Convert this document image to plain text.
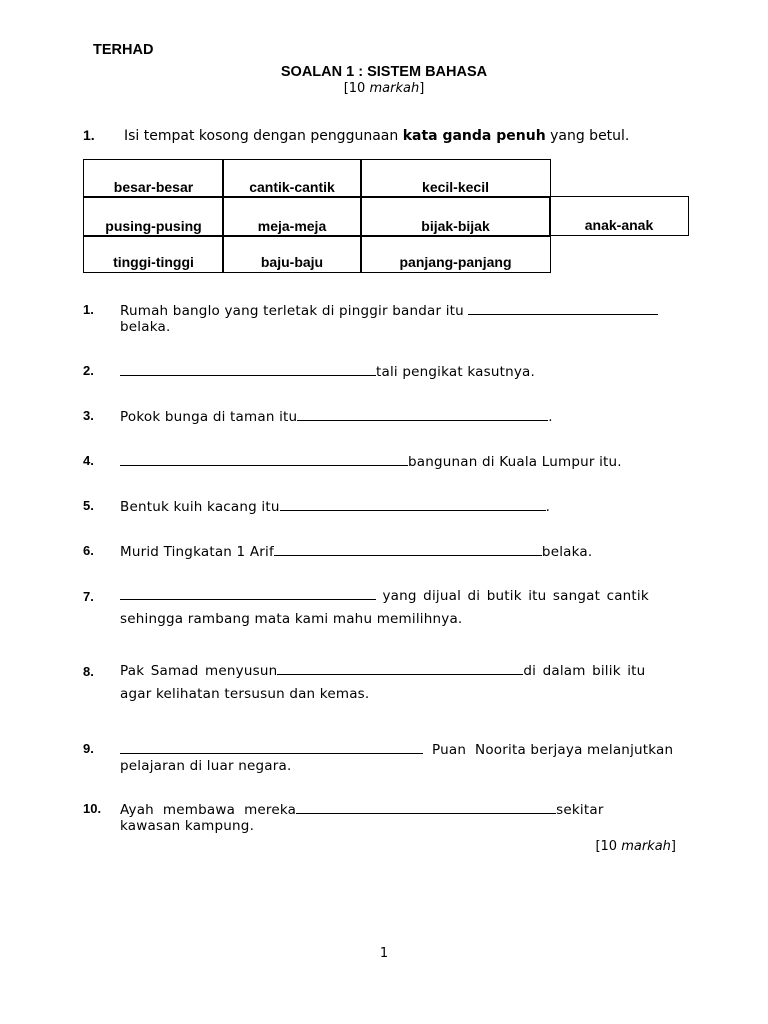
TERHAD
SOALAN 1 : SISTEM BAHASA
[10 markah]
1. Isi tempat kosong dengan penggunaan kata ganda penuh yang betul.
besar-besar	cantik-cantik	kecil-kecil
pusing-pusing	meja-meja	bijak-bijak	anak-anak
tinggi-tinggi	baju-baju	panjang-panjang
1. Rumah banglo yang terletak di pinggir bandar itu
belaka.
2.	tali pengikat kasutnya.
3. Pokok bunga di taman itu	.
4.	bangunan di Kuala Lumpur itu.
5. Bentuk kuih kacang itu	.
6. Murid Tingkatan 1 Arif	belaka.
7.	yang dijual di butik itu sangat cantik
sehingga rambang mata kami mahu memilihnya.
8. Pak Samad menyusun	di dalam bilik itu
agar kelihatan tersusun dan kemas.
9.	Puan  Noorita berjaya melanjutkan
pelajaran di luar negara.
10. Ayah  membawa  mereka	sekitar
kawasan kampung.
[10 markah]
1
